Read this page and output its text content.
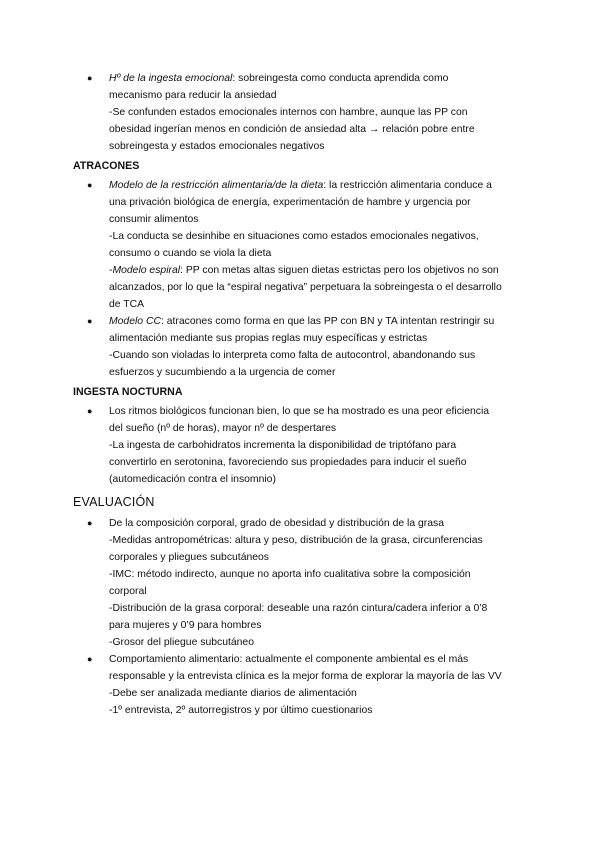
● Hº de la ingesta emocional: sobreingesta como conducta aprendida como
mecanismo para reducir la ansiedad
-Se confunden estados emocionales internos con hambre, aunque las PP con
obesidad ingerían menos en condición de ansiedad alta → relación pobre entre
sobreingesta y estados emocionales negativos
ATRACONES
● Modelo de la restricción alimentaria/de la dieta: la restricción alimentaria conduce a
una privación biológica de energía, experimentación de hambre y urgencia por
consumir alimentos
-La conducta se desinhibe en situaciones como estados emocionales negativos,
consumo o cuando se viola la dieta
-Modelo espiral: PP con metas altas siguen dietas estrictas pero los objetivos no son
alcanzados, por lo que la “espiral negativa” perpetuara la sobreingesta o el desarrollo
de TCA
● Modelo CC: atracones como forma en que las PP con BN y TA intentan restringir su
alimentación mediante sus propias reglas muy específicas y estrictas
-Cuando son violadas lo interpreta como falta de autocontrol, abandonando sus
esfuerzos y sucumbiendo a la urgencia de comer
INGESTA NOCTURNA
● Los ritmos biológicos funcionan bien, lo que se ha mostrado es una peor eficiencia
del sueño (nº de horas), mayor nº de despertares
-La ingesta de carbohidratos incrementa la disponibilidad de triptófano para
convertirlo en serotonina, favoreciendo sus propiedades para inducir el sueño
(automedicación contra el insomnio)
EVALUACIÓN
● De la composición corporal, grado de obesidad y distribución de la grasa
-Medidas antropométricas: altura y peso, distribución de la grasa, circunferencias
corporales y pliegues subcutáneos
-IMC: método indirecto, aunque no aporta info cualitativa sobre la composición
corporal
-Distribución de la grasa corporal: deseable una razón cintura/cadera inferior a 0’8
para mujeres y 0’9 para hombres
-Grosor del pliegue subcutáneo
● Comportamiento alimentario: actualmente el componente ambiental es el más
responsable y la entrevista clínica es la mejor forma de explorar la mayoría de las VV
-Debe ser analizada mediante diarios de alimentación
-1º entrevista, 2º autorregistros y por último cuestionarios
